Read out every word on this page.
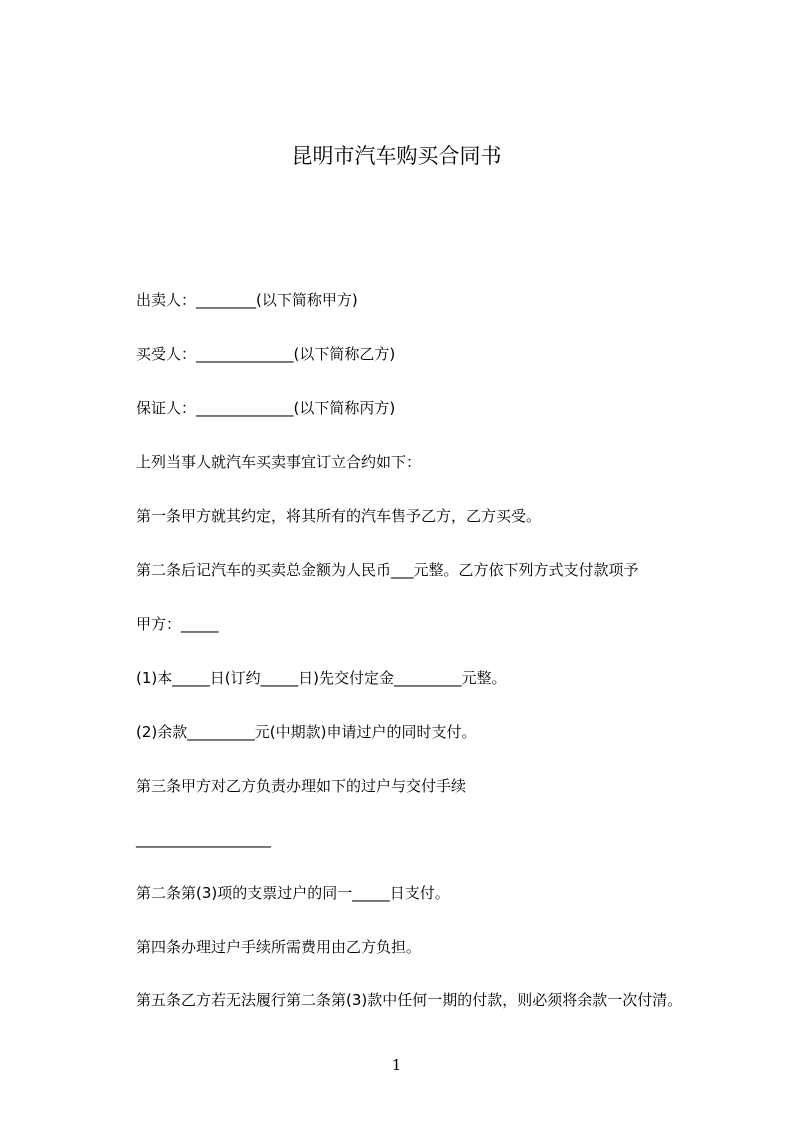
昆明市汽车购买合同书
出卖人：________(以下简称甲方)
买受人：_____________(以下简称乙方)
保证人：_____________(以下简称丙方)
上列当事人就汽车买卖事宜订立合约如下：
第一条甲方就其约定，将其所有的汽车售予乙方，乙方买受。
第二条后记汽车的买卖总金额为人民币___元整。乙方依下列方式支付款项予
甲方：_____
(1)本_____日(订约_____日)先交付定金_________元整。
(2)余款_________元(中期款)申请过户的同时支付。
第三条甲方对乙方负责办理如下的过户与交付手续
__________________
第二条第(3)项的支票过户的同一_____日支付。
第四条办理过户手续所需费用由乙方负担。
第五条乙方若无法履行第二条第(3)款中任何一期的付款，则必须将余款一次付清。
1
